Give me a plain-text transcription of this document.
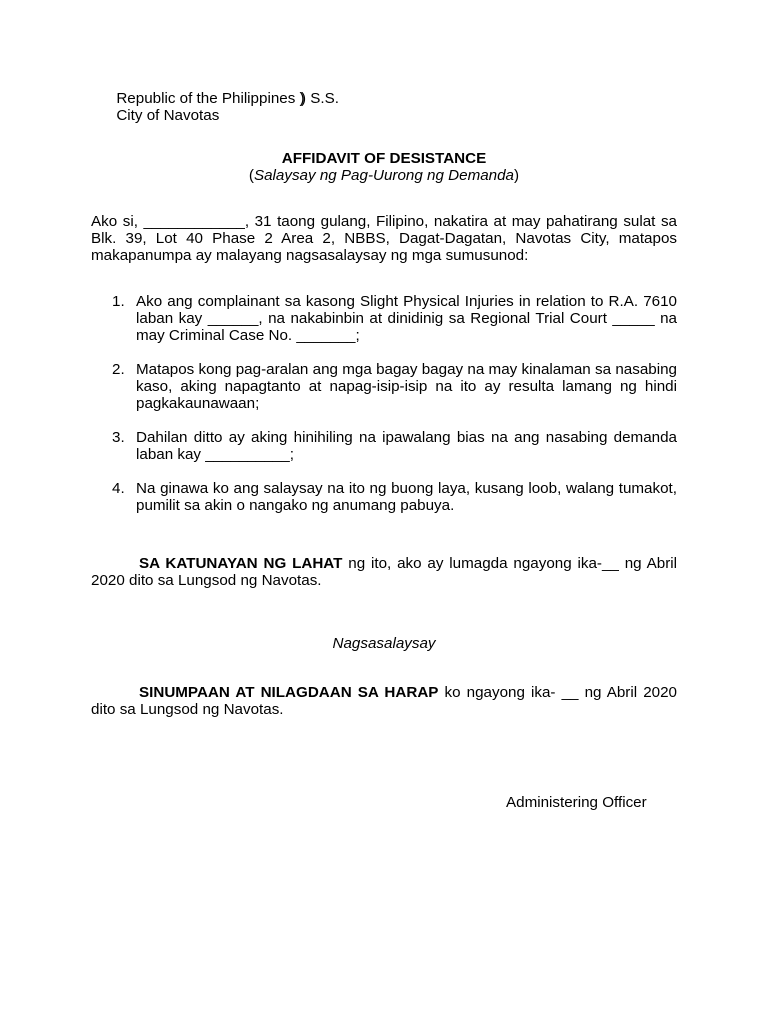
Republic of the Philippines )

City of Navotas

) S.S.

AFFIDAVIT OF DESISTANCE
(Salaysay ng Pag-Uurong ng Demanda)
Ako si, ____________, 31 taong gulang, Filipino, nakatira at may pahatirang sulat sa Blk. 39, Lot 40 Phase 2 Area 2, NBBS, Dagat-Dagatan, Navotas City, matapos makapanumpa ay malayang nagsasalaysay ng mga sumusunod:
1. Ako ang complainant sa kasong Slight Physical Injuries in relation to R.A. 7610 laban kay ______, na nakabinbin at dinidinig sa Regional Trial Court _____ na may Criminal Case No. _______;
2. Matapos kong pag-aralan ang mga bagay bagay na may kinalaman sa nasabing kaso, aking napagtanto at napag-isip-isip na ito ay resulta lamang ng hindi pagkakaunawaan;
3. Dahilan ditto ay aking hinihiling na ipawalang bias na ang nasabing demanda laban kay __________;
4. Na ginawa ko ang salaysay na ito ng buong laya, kusang loob, walang tumakot, pumilit sa akin o nangako ng anumang pabuya.
SA KATUNAYAN NG LAHAT ng ito, ako ay lumagda ngayong ika-__ ng Abril 2020 dito sa Lungsod ng Navotas.
Nagsasalaysay
SINUMPAAN AT NILAGDAAN SA HARAP ko ngayong ika- __ ng Abril 2020 dito sa Lungsod ng Navotas.
Administering Officer
